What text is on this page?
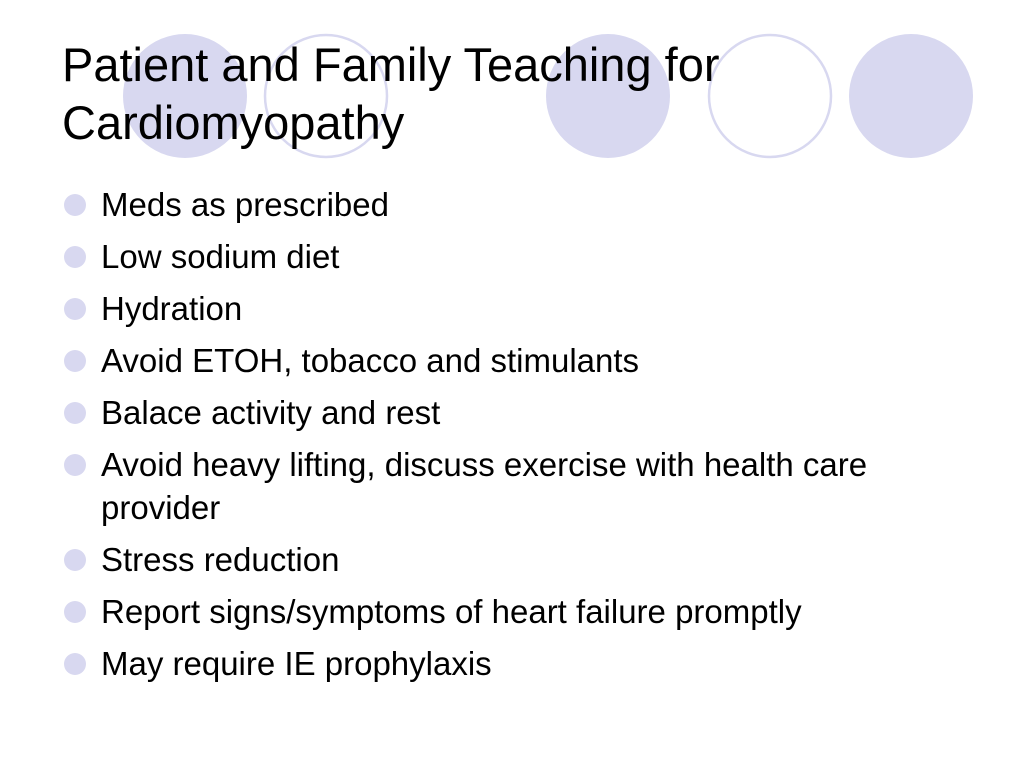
Patient and Family Teaching for
Cardiomyopathy
Meds as prescribed
Low sodium diet
Hydration
Avoid ETOH, tobacco and stimulants
Balace activity and rest
Avoid heavy lifting, discuss exercise with health care provider
Stress reduction
Report signs/symptoms of heart failure promptly
May require IE prophylaxis
